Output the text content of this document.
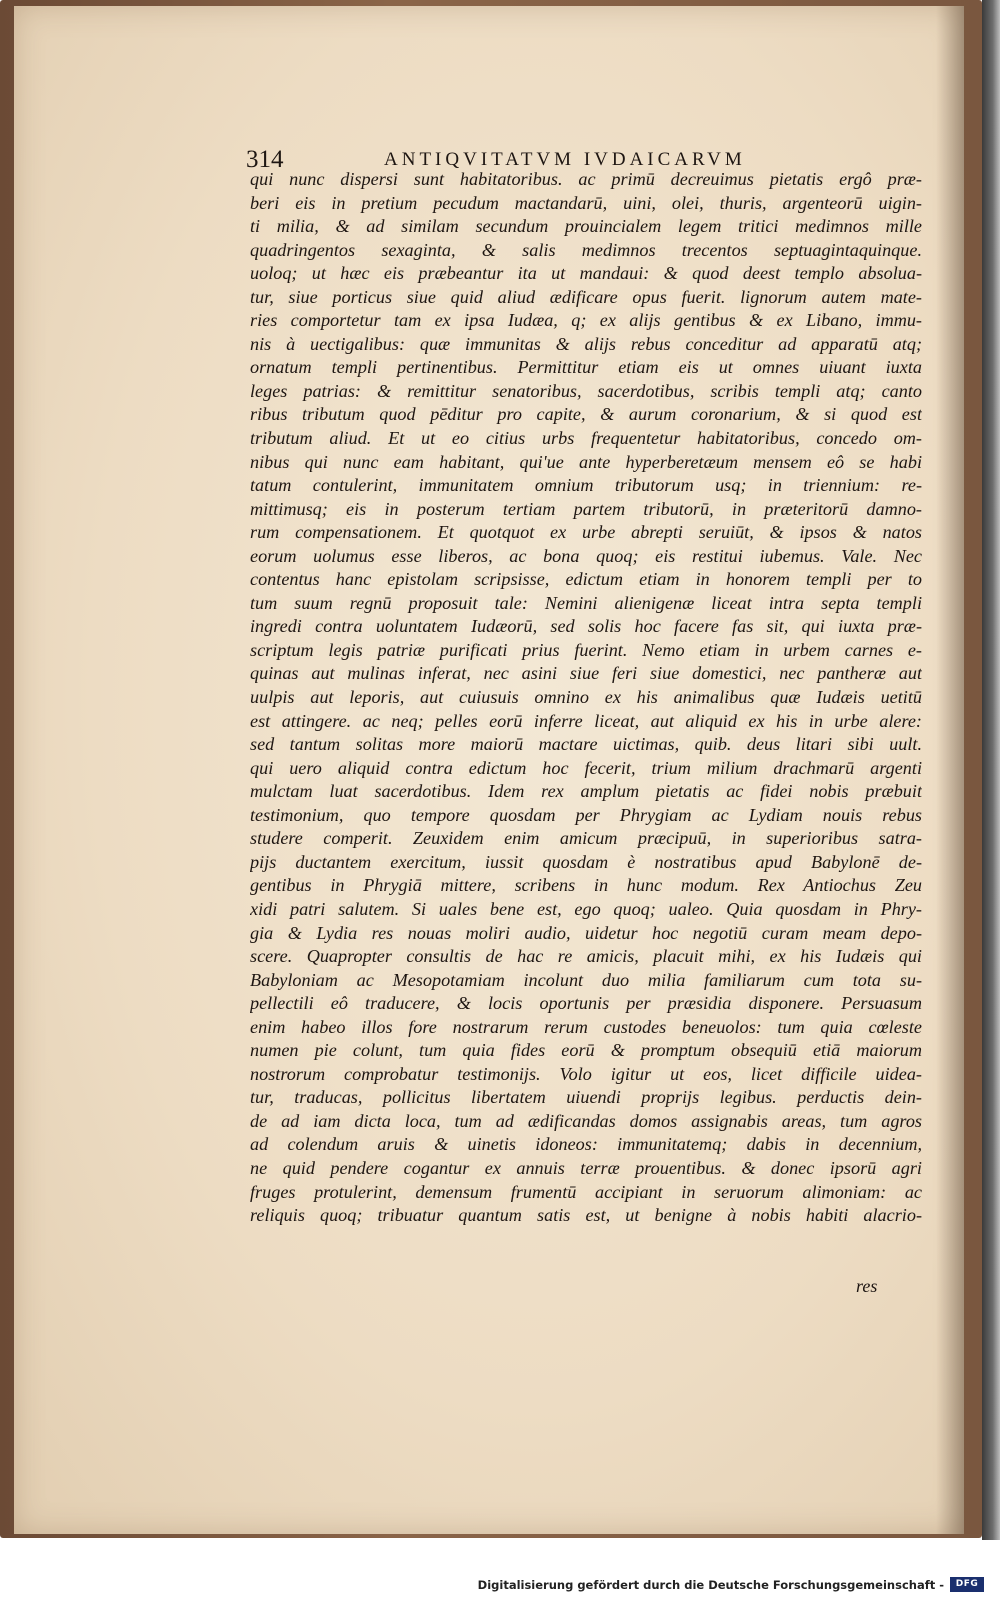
314	ANTIQVITATVM IVDAICARVM
qui nunc dispersi sunt habitatoribus. ac primū decreuimus pietatis ergô præ-
beri eis in pretium pecudum mactandarū, uini, olei, thuris, argenteorū uigin-
ti milia, & ad similam secundum prouincialem legem tritici medimnos mille
quadringentos sexaginta, & salis medimnos trecentos septuagintaquinque.
uoloq; ut hæc eis præbeantur ita ut mandaui: & quod deest templo absolua-
tur, siue porticus siue quid aliud ædificare opus fuerit. lignorum autem mate-
ries comportetur tam ex ipsa Iudæa, q; ex alijs gentibus & ex Libano, immu-
nis à uectigalibus: quæ immunitas & alijs rebus conceditur ad apparatū atq;
ornatum templi pertinentibus. Permittitur etiam eis ut omnes uiuant iuxta
leges patrias: & remittitur senatoribus, sacerdotibus, scribis templi atq; canto
ribus tributum quod pēditur pro capite, & aurum coronarium, & si quod est
tributum aliud. Et ut eo citius urbs frequentetur habitatoribus, concedo om-
nibus qui nunc eam habitant, qui'ue ante hyperberetæum mensem eô se habi
tatum contulerint, immunitatem omnium tributorum usq; in triennium: re-
mittimusq; eis in posterum tertiam partem tributorū, in præteritorū damno-
rum compensationem. Et quotquot ex urbe abrepti seruiūt, & ipsos & natos
eorum uolumus esse liberos, ac bona quoq; eis restitui iubemus. Vale. Nec
contentus hanc epistolam scripsisse, edictum etiam in honorem templi per to
tum suum regnū proposuit tale: Nemini alienigenæ liceat intra septa templi
ingredi contra uoluntatem Iudæorū, sed solis hoc facere fas sit, qui iuxta præ-
scriptum legis patriæ purificati prius fuerint. Nemo etiam in urbem carnes e-
quinas aut mulinas inferat, nec asini siue feri siue domestici, nec pantheræ aut
uulpis aut leporis, aut cuiusuis omnino ex his animalibus quæ Iudæis uetitū
est attingere. ac neq; pelles eorū inferre liceat, aut aliquid ex his in urbe alere:
sed tantum solitas more maiorū mactare uictimas, quib. deus litari sibi uult.
qui uero aliquid contra edictum hoc fecerit, trium milium drachmarū argenti
mulctam luat sacerdotibus. Idem rex amplum pietatis ac fidei nobis præbuit
testimonium, quo tempore quosdam per Phrygiam ac Lydiam nouis rebus
studere comperit. Zeuxidem enim amicum præcipuū, in superioribus satra-
pijs ductantem exercitum, iussit quosdam è nostratibus apud Babylonē de-
gentibus in Phrygiā mittere, scribens in hunc modum. Rex Antiochus Zeu
xidi patri salutem. Si uales bene est, ego quoq; ualeo. Quia quosdam in Phry-
gia & Lydia res nouas moliri audio, uidetur hoc negotiū curam meam depo-
scere. Quapropter consultis de hac re amicis, placuit mihi, ex his Iudæis qui
Babyloniam ac Mesopotamiam incolunt duo milia familiarum cum tota su-
pellectili eô traducere, & locis oportunis per præsidia disponere. Persuasum
enim habeo illos fore nostrarum rerum custodes beneuolos: tum quia cœleste
numen pie colunt, tum quia fides eorū & promptum obsequiū etiā maiorum
nostrorum comprobatur testimonijs. Volo igitur ut eos, licet difficile uidea-
tur, traducas, pollicitus libertatem uiuendi proprijs legibus. perductis dein-
de ad iam dicta loca, tum ad ædificandas domos assignabis areas, tum agros
ad colendum aruis & uinetis idoneos: immunitatemq; dabis in decennium,
ne quid pendere cogantur ex annuis terræ prouentibus. & donec ipsorū agri
fruges protulerint, demensum frumentū accipiant in seruorum alimoniam: ac
reliquis quoq; tribuatur quantum satis est, ut benigne à nobis habiti alacrio-
res
Digitalisierung gefördert durch die Deutsche Forschungsgemeinschaft -	DFG
